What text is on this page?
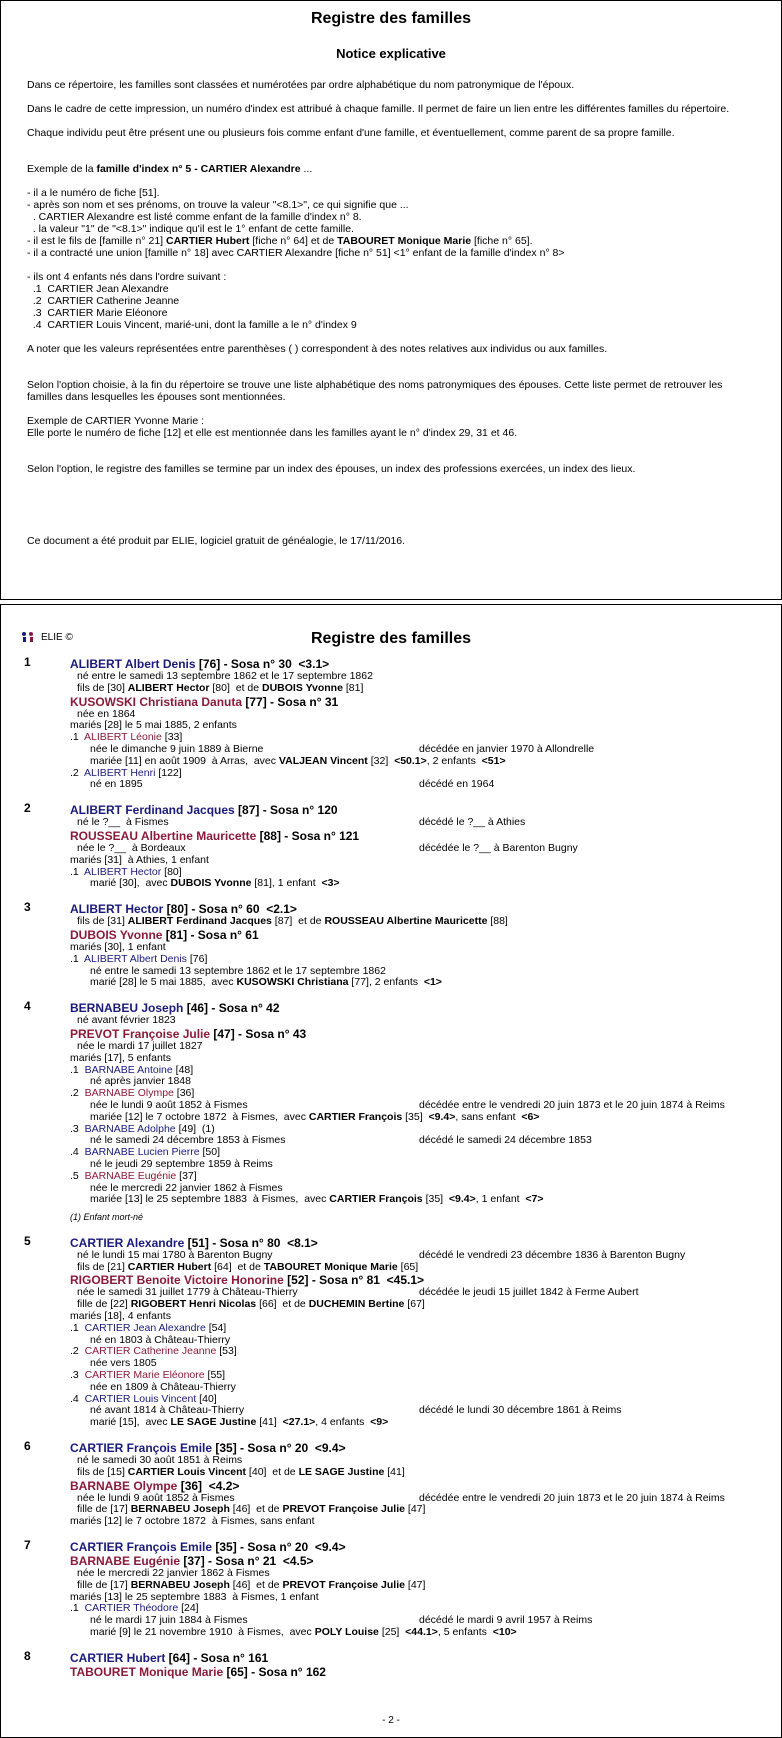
Registre des familles
Notice explicative

Dans ce répertoire, les familles sont classées et numérotées par ordre alphabétique du nom patronymique de l'époux.

Dans le cadre de cette impression, un numéro d'index est attribué à chaque famille. Il permet de faire un lien entre les différentes familles du répertoire.

Chaque individu peut être présent une ou plusieurs fois comme enfant d'une famille, et éventuellement, comme parent de sa propre famille.

Exemple de la famille d'index n° 5 - CARTIER Alexandre ...

- il a le numéro de fiche [51].

- après son nom et ses prénoms, on trouve la valeur "<8.1>", ce qui signifie que ...

. CARTIER Alexandre est listé comme enfant de la famille d'index n° 8.

. la valeur "1" de "<8.1>" indique qu'il est le 1° enfant de cette famille.

- il est le fils de [famille n° 21] CARTIER Hubert [fiche n° 64] et de TABOURET Monique Marie [fiche n° 65].

- il a contracté une union [famille n° 18] avec CARTIER Alexandre [fiche n° 51] <1° enfant de la famille d'index n° 8>

- ils ont 4 enfants nés dans l'ordre suivant :

.1  CARTIER Jean Alexandre

.2  CARTIER Catherine Jeanne

.3  CARTIER Marie Eléonore

.4  CARTIER Louis Vincent, marié-uni, dont la famille a le n° d'index 9

A noter que les valeurs représentées entre parenthèses ( ) correspondent à des notes relatives aux individus ou aux familles.

Selon l'option choisie, à la fin du répertoire se trouve une liste alphabétique des noms patronymiques des épouses. Cette liste permet de retrouver les familles dans lesquelles les épouses sont mentionnées.

Exemple de CARTIER Yvonne Marie :

Elle porte le numéro de fiche [12] et elle est mentionnée dans les familles ayant le n° d'index 29, 31 et 46.

Selon l'option, le registre des familles se termine par un index des épouses, un index des professions exercées, un index des lieux.

Ce document a été produit par ELIE, logiciel gratuit de généalogie, le 17/11/2016.

ELIE ©	Registre des familles
1	ALIBERT Albert Denis [76] - Sosa n° 30  <3.1>
né entre le samedi 13 septembre 1862 et le 17 septembre 1862
fils de [30] ALIBERT Hector [80]  et de DUBOIS Yvonne [81]
KUSOWSKI Christiana Danuta [77] - Sosa n° 31
née en 1864
mariés [28] le 5 mai 1885, 2 enfants
.1  ALIBERT Léonie [33]
née le dimanche 9 juin 1889 à Bierne	décédée en janvier 1970 à Allondrelle
mariée [11] en août 1909  à Arras,  avec VALJEAN Vincent [32]  <50.1>, 2 enfants  <51>
.2  ALIBERT Henri [122]
né en 1895	décédé en 1964
2	ALIBERT Ferdinand Jacques [87] - Sosa n° 120
né le ?__  à Fismes	décédé le ?__ à Athies
ROUSSEAU Albertine Mauricette [88] - Sosa n° 121
née le ?__  à Bordeaux	décédée le ?__ à Barenton Bugny
mariés [31]  à Athies, 1 enfant
.1  ALIBERT Hector [80]
marié [30],  avec DUBOIS Yvonne [81], 1 enfant  <3>
3	ALIBERT Hector [80] - Sosa n° 60  <2.1>
fils de [31] ALIBERT Ferdinand Jacques [87]  et de ROUSSEAU Albertine Mauricette [88]
DUBOIS Yvonne [81] - Sosa n° 61
mariés [30], 1 enfant
.1  ALIBERT Albert Denis [76]
né entre le samedi 13 septembre 1862 et le 17 septembre 1862
marié [28] le 5 mai 1885,  avec KUSOWSKI Christiana [77], 2 enfants  <1>
4	BERNABEU Joseph [46] - Sosa n° 42
né avant février 1823
PREVOT Françoise Julie [47] - Sosa n° 43
née le mardi 17 juillet 1827
mariés [17], 5 enfants
.1  BARNABE Antoine [48]
né après janvier 1848
.2  BARNABE Olympe [36]
née le lundi 9 août 1852 à Fismes	décédée entre le vendredi 20 juin 1873 et le 20 juin 1874 à Reims
mariée [12] le 7 octobre 1872  à Fismes,  avec CARTIER François [35]  <9.4>, sans enfant  <6>
.3  BARNABE Adolphe [49]  (1)
né le samedi 24 décembre 1853 à Fismes	décédé le samedi 24 décembre 1853
.4  BARNABE Lucien Pierre [50]
né le jeudi 29 septembre 1859 à Reims
.5  BARNABE Eugénie [37]
née le mercredi 22 janvier 1862 à Fismes
mariée [13] le 25 septembre 1883  à Fismes,  avec CARTIER François [35]  <9.4>, 1 enfant  <7>
(1) Enfant mort-né
5	CARTIER Alexandre [51] - Sosa n° 80  <8.1>
né le lundi 15 mai 1780 à Barenton Bugny	décédé le vendredi 23 décembre 1836 à Barenton Bugny
fils de [21] CARTIER Hubert [64]  et de TABOURET Monique Marie [65]
RIGOBERT Benoite Victoire Honorine [52] - Sosa n° 81  <45.1>
née le samedi 31 juillet 1779 à Château-Thierry	décédée le jeudi 15 juillet 1842 à Ferme Aubert
fille de [22] RIGOBERT Henri Nicolas [66]  et de DUCHEMIN Bertine [67]
mariés [18], 4 enfants
.1  CARTIER Jean Alexandre [54]
né en 1803 à Château-Thierry
.2  CARTIER Catherine Jeanne [53]
née vers 1805
.3  CARTIER Marie Eléonore [55]
née en 1809 à Château-Thierry
.4  CARTIER Louis Vincent [40]
né avant 1814 à Château-Thierry	décédé le lundi 30 décembre 1861 à Reims
marié [15],  avec LE SAGE Justine [41]  <27.1>, 4 enfants  <9>
6	CARTIER François Emile [35] - Sosa n° 20  <9.4>
né le samedi 30 août 1851 à Reims
fils de [15] CARTIER Louis Vincent [40]  et de LE SAGE Justine [41]
BARNABE Olympe [36]  <4.2>
née le lundi 9 août 1852 à Fismes	décédée entre le vendredi 20 juin 1873 et le 20 juin 1874 à Reims
fille de [17] BERNABEU Joseph [46]  et de PREVOT Françoise Julie [47]
mariés [12] le 7 octobre 1872  à Fismes, sans enfant
7	CARTIER François Emile [35] - Sosa n° 20  <9.4>
BARNABE Eugénie [37] - Sosa n° 21  <4.5>
née le mercredi 22 janvier 1862 à Fismes
fille de [17] BERNABEU Joseph [46]  et de PREVOT Françoise Julie [47]
mariés [13] le 25 septembre 1883  à Fismes, 1 enfant
.1  CARTIER Théodore [24]
né le mardi 17 juin 1884 à Fismes	décédé le mardi 9 avril 1957 à Reims
marié [9] le 21 novembre 1910  à Fismes,  avec POLY Louise [25]  <44.1>, 5 enfants  <10>
8	CARTIER Hubert [64] - Sosa n° 161
TABOURET Monique Marie [65] - Sosa n° 162
- 2 -
